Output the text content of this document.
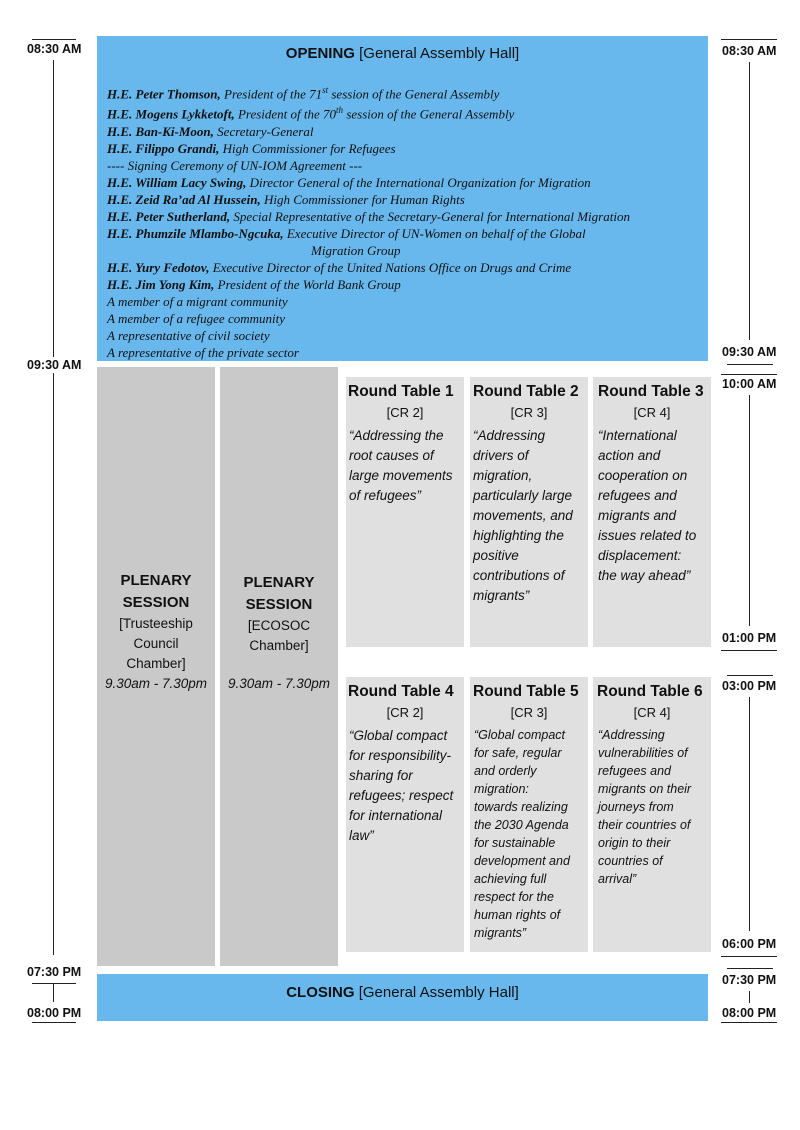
08:30 AM
09:30 AM
07:30 PM
08:00 PM
08:30 AM
09:30 AM
10:00 AM
01:00 PM
03:00 PM
06:00 PM
07:30 PM
08:00 PM
OPENING [General Assembly Hall]
H.E. Peter Thomson, President of the 71st session of the General Assembly
H.E. Mogens Lykketoft, President of the 70th session of the General Assembly
H.E. Ban-Ki-Moon, Secretary-General
H.E. Filippo Grandi, High Commissioner for Refugees
---- Signing Ceremony of UN-IOM Agreement ---
H.E. William Lacy Swing, Director General of the International Organization for Migration
H.E. Zeid Ra’ad Al Hussein, High Commissioner for Human Rights
H.E. Peter Sutherland, Special Representative of the Secretary-General for International Migration
H.E. Phumzile Mlambo-Ngcuka, Executive Director of UN-Women on behalf of the Global
Migration Group
H.E. Yury Fedotov, Executive Director of the United Nations Office on Drugs and Crime
H.E. Jim Yong Kim, President of the World Bank Group
A member of a migrant community
A member of a refugee community
A representative of civil society
A representative of the private sector
PLENARY
SESSION
[Trusteeship
Council
Chamber]
9.30am - 7.30pm
PLENARY
SESSION
[ECOSOC
Chamber]
9.30am - 7.30pm
Round Table 1
[CR 2]
“Addressing the
root causes of
large movements
of refugees”
Round Table 2
[CR 3]
“Addressing
drivers of
migration,
particularly large
movements, and
highlighting the
positive
contributions of
migrants”
Round Table 3
[CR 4]
“International
action and
cooperation on
refugees and
migrants and
issues related to
displacement:
the way ahead”
Round Table 4
[CR 2]
“Global compact
for responsibility-
sharing for
refugees; respect
for international
law”
Round Table 5
[CR 3]
“Global compact
for safe, regular
and orderly
migration:
towards realizing
the 2030 Agenda
for sustainable
development and
achieving full
respect for the
human rights of
migrants”
Round Table 6
[CR 4]
“Addressing
vulnerabilities of
refugees and
migrants on their
journeys from
their countries of
origin to their
countries of
arrival”
CLOSING [General Assembly Hall]
